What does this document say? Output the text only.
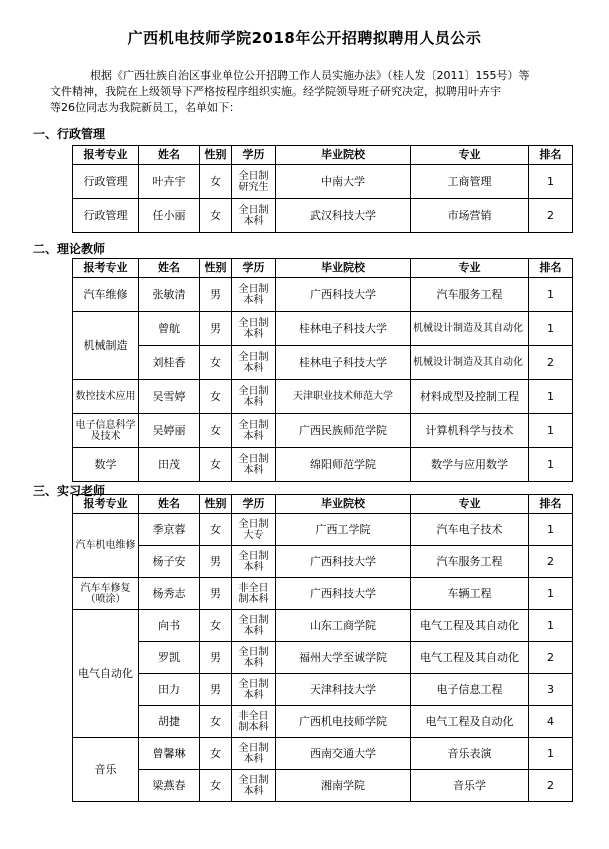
广西机电技师学院2018年公开招聘拟聘用人员公示
根据《广西壮族自治区事业单位公开招聘工作人员实施办法》（桂人发〔2011〕155号）等
文件精神，我院在上级领导下严格按程序组织实施。经学院领导班子研究决定，拟聘用叶卉宇
等26位同志为我院新员工，名单如下：
一、行政管理
报考专业	姓名	性别	学历	毕业院校	专业	排名
行政管理	叶卉宇	女	全日制研究生	中南大学	工商管理	1
行政管理	任小丽	女	全日制本科	武汉科技大学	市场营销	2
二、理论教师
报考专业	姓名	性别	学历	毕业院校	专业	排名
汽车维修	张敏清	男	全日制本科	广西科技大学	汽车服务工程	1
机械制造	曾航	男	全日制本科	桂林电子科技大学	机械设计制造及其自动化	1
	刘桂香	女	全日制本科	桂林电子科技大学	机械设计制造及其自动化	2
数控技术应用	吴雪婷	女	全日制本科	天津职业技术师范大学	材料成型及控制工程	1
电子信息科学及技术	吴婷丽	女	全日制本科	广西民族师范学院	计算机科学与技术	1
数学	田茂	女	全日制本科	绵阳师范学院	数学与应用数学	1
三、实习老师
报考专业	姓名	性别	学历	毕业院校	专业	排名
汽车机电维修	季京蓉	女	全日制大专	广西工学院	汽车电子技术	1
	杨子安	男	全日制本科	广西科技大学	汽车服务工程	2
汽车车修复（喷涂）	杨秀志	男	非全日制本科	广西科技大学	车辆工程	1
电气自动化	向书	女	全日制本科	山东工商学院	电气工程及其自动化	1
	罗凯	男	全日制本科	福州大学至诚学院	电气工程及其自动化	2
	田力	男	全日制本科	天津科技大学	电子信息工程	3
	胡捷	女	非全日制本科	广西机电技师学院	电气工程及自动化	4
音乐	曾馨琳	女	全日制本科	西南交通大学	音乐表演	1
	梁燕春	女	全日制本科	湘南学院	音乐学	2
